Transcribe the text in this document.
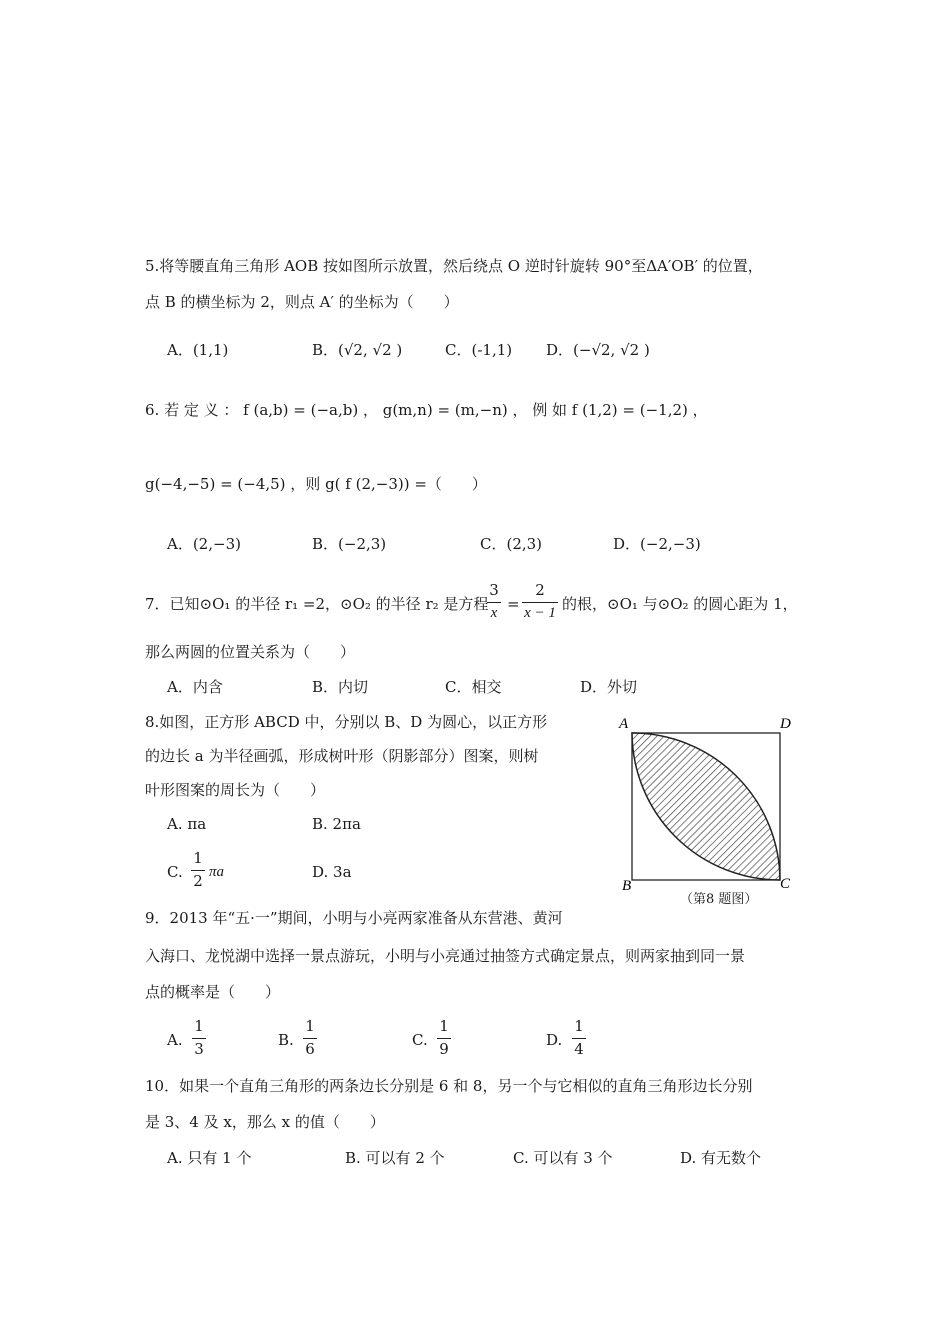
5.将等腰直角三角形 AOB 按如图所示放置，然后绕点 O 逆时针旋转 90°至ΔA′OB′ 的位置，
点 B 的横坐标为 2，则点 A′ 的坐标为（　　）
A．(1,1)	B．(√2, √2 )	C．(-1,1) D．(−√2, √2 )
6. 若 定 义 ： f (a,b) = (−a,b) ， g(m,n) = (m,−n) ， 例 如 f (1,2) = (−1,2) ，
g(−4,−5) = (−4,5) ，则 g( f (2,−3)) =（　　）
A．(2,−3)	B．(−2,3)	C．(2,3)	D．(−2,−3)
7．已知⊙O₁ 的半径 r₁ =2，⊙O₂ 的半径 r₂ 是方程
$\frac{3}{x} = \frac{2}{x - 1}$ 的根，⊙O₁ 与⊙O₂ 的圆心距为 1，
那么两圆的位置关系为（　　）
A．内含	B．内切	C．相交	D．外切
8.如图，正方形 ABCD 中，分别以 B、D 为圆心，以正方形
的边长 a 为半径画弧，形成树叶形（阴影部分）图案，则树
叶形图案的周长为（　　）
A. πa	B. 2πa
C. $\frac{1}{2}$ πa	D. 3a
A	D
B	C
（第8 题图）
9．2013 年“五·一”期间，小明与小亮两家准备从东营港、黄河
入海口、龙悦湖中选择一景点游玩，小明与小亮通过抽签方式确定景点，则两家抽到同一景
点的概率是（　　）
A. $\frac{1}{3}$	B. $\frac{1}{6}$	C. $\frac{1}{9}$	D. $\frac{1}{4}$
10．如果一个直角三角形的两条边长分别是 6 和 8，另一个与它相似的直角三角形边长分别
是 3、4 及 x，那么 x 的值（　　）
A. 只有 1 个	B. 可以有 2 个	C. 可以有 3 个	D. 有无数个
